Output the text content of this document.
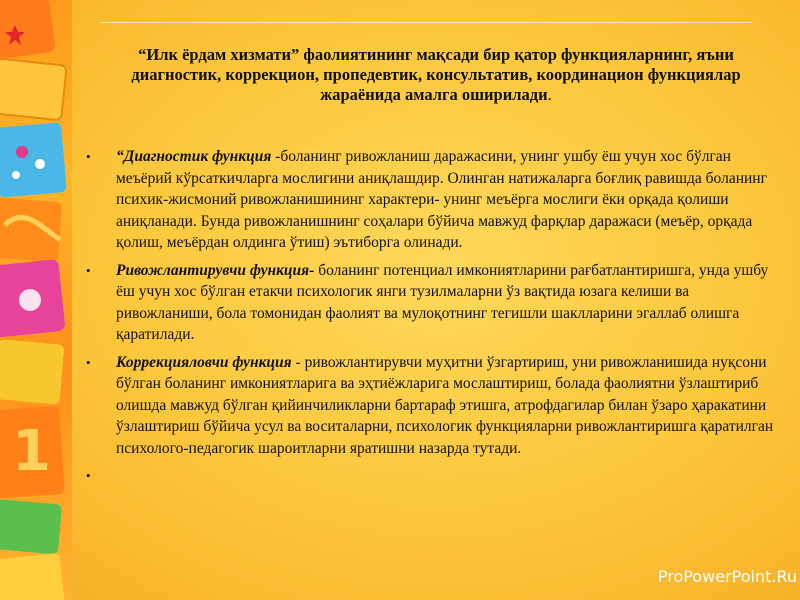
1
“Илк ёрдам хизмати” фаолиятининг мақсади бир қатор функцияларнинг, яъни диагностик, коррекцион, пропедевтик, консультатив, координацион функциялар жараёнида амалга оширилади.
• “Диагностик функция -боланинг ривожланиш даражасини, унинг ушбу ёш учун хос бўлган меъёрий кўрсаткичларга мослигини аниқлашдир. Олинган натижаларга боғлиқ равишда боланинг психик-жисмоний ривожланишининг характери- унинг меъёрга мослиги ёки орқада қолиши аниқланади. Бунда ривожланишнинг соҳалари бўйича мавжуд фарқлар даражаси (меъёр, орқада қолиш, меъёрдан олдинга ўтиш) эътиборга олинади.
• Ривожлантирувчи функция- боланинг потенциал имкониятларини рағбатлантиришга, унда ушбу ёш учун хос бўлган етакчи психологик янги тузилмаларни ўз вақтида юзага келиши ва ривожланиши, бола томонидан фаолият ва мулоқотнинг тегишли шаклларини эгаллаб олишга қаратилади.
• Коррекцияловчи функция - ривожлантирувчи муҳитни ўзгартириш, уни ривожланишида нуқсони бўлган боланинг имкониятларига ва эҳтиёжларига мослаштириш, болада фаолиятни ўзлаштириб олишда мавжуд бўлган қийинчиликларни бартараф этишга, атрофдагилар билан ўзаро ҳаракатини ўзлаштириш бўйича усул ва воситаларни, психологик функцияларни ривожлантиришга қаратилган психолого-педагогик шароитларни яратишни назарда тутади.
•
ProPowerPoint.Ru
